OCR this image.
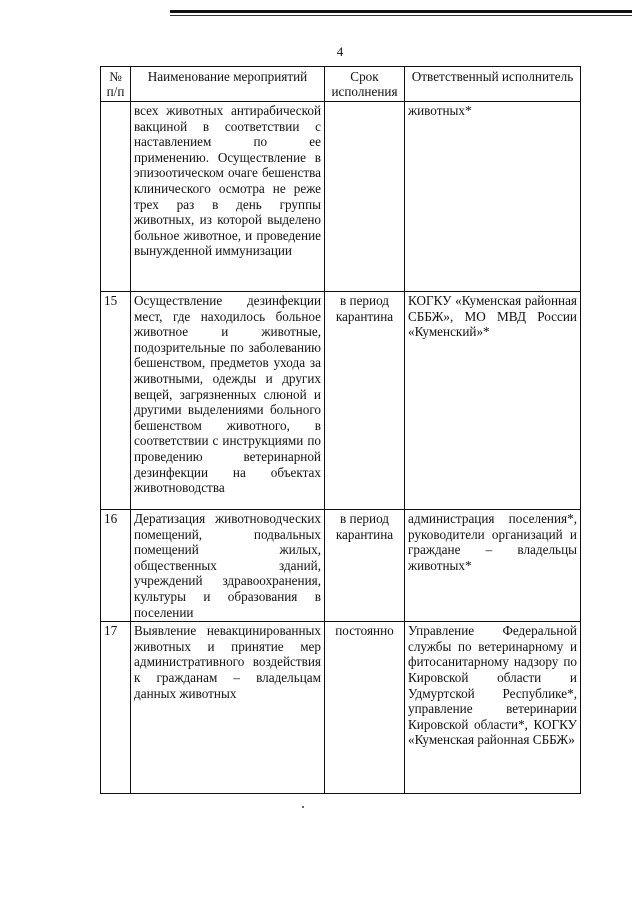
4
№ п/п	Наименование мероприятий	Срок исполнения	Ответственный исполнитель
	всех животных антирабической вакциной в соответствии с наставлением по ее применению. Осуществление в эпизоотическом очаге бешенства клинического осмотра не реже трех раз в день группы животных, из которой выделено больное животное, и проведение вынужденной иммунизации		животных*
15	Осуществление дезинфекции мест, где находилось больное животное и животные, подозрительные по заболеванию бешенством, предметов ухода за животными, одежды и других вещей, загрязненных слюной и другими выделениями больного бешенством животного, в соответствии с инструкциями по проведению ветеринарной дезинфекции на объектах животноводства	в период карантина	КОГКУ «Куменская районная СББЖ», МО МВД России «Куменский»*
16	Дератизация животноводческих помещений, подвальных помещений жилых, общественных зданий, учреждений здравоохранения, культуры и образования в поселении	в период карантина	администрация поселения*, руководители организаций и граждане – владельцы животных*
17	Выявление невакцинированных животных и принятие мер административного воздействия к гражданам – владельцам данных животных	постоянно	Управление Федеральной службы по ветеринарному и фитосанитарному надзору по Кировской области и Удмуртской Республике*, управление ветеринарии Кировской области*, КОГКУ «Куменская районная СББЖ»
